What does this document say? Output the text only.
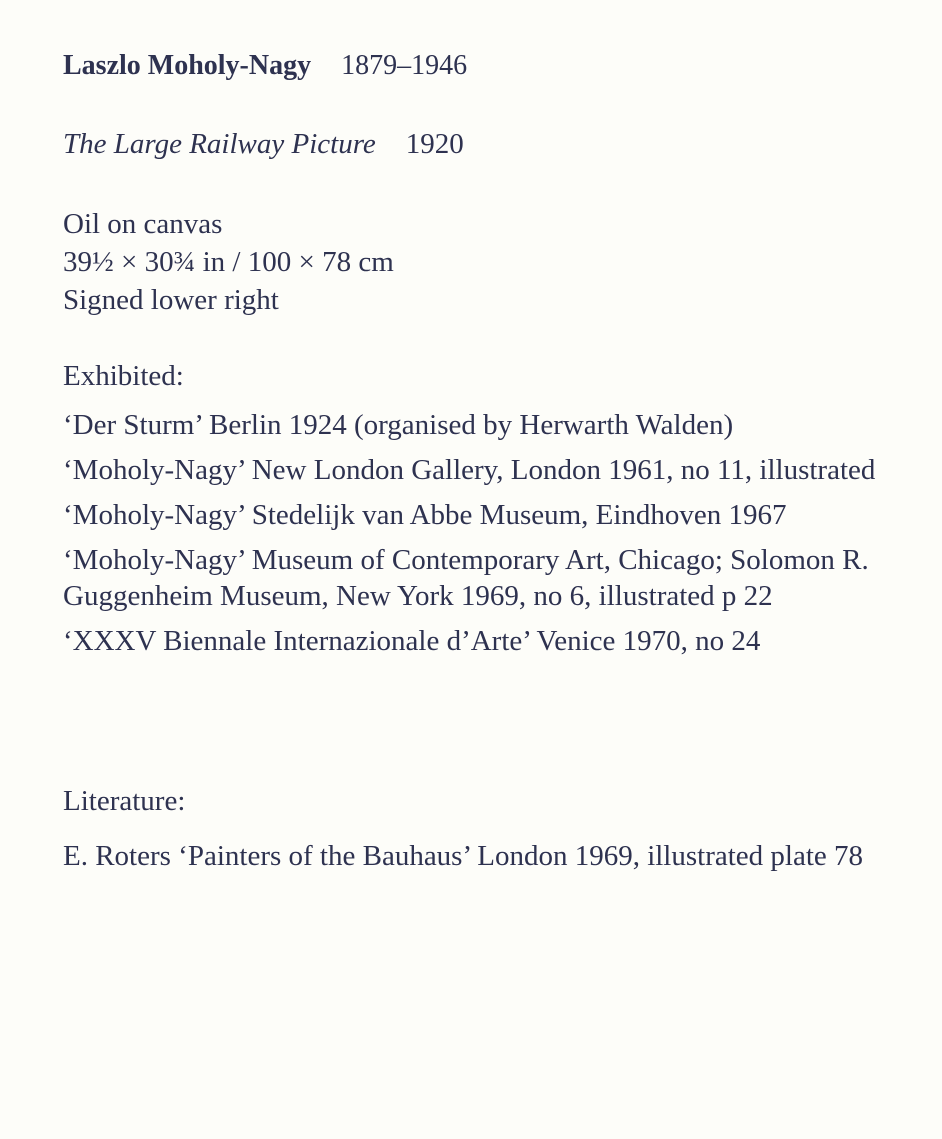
Laszlo Moholy-Nagy 1879–1946
The Large Railway Picture 1920
Oil on canvas
39½ × 30¾ in / 100 × 78 cm
Signed lower right
Exhibited:

‘Der Sturm’ Berlin 1924 (organised by Herwarth Walden)

‘Moholy-Nagy’ New London Gallery, London 1961, no 11, illustrated

‘Moholy-Nagy’ Stedelijk van Abbe Museum, Eindhoven 1967

‘Moholy-Nagy’ Museum of Contemporary Art, Chicago; Solomon R. Guggenheim Museum, New York 1969, no 6, illustrated p 22

‘XXXV Biennale Internazionale d’Arte’ Venice 1970, no 24

Literature:

E. Roters ‘Painters of the Bauhaus’ London 1969, illustrated plate 78
